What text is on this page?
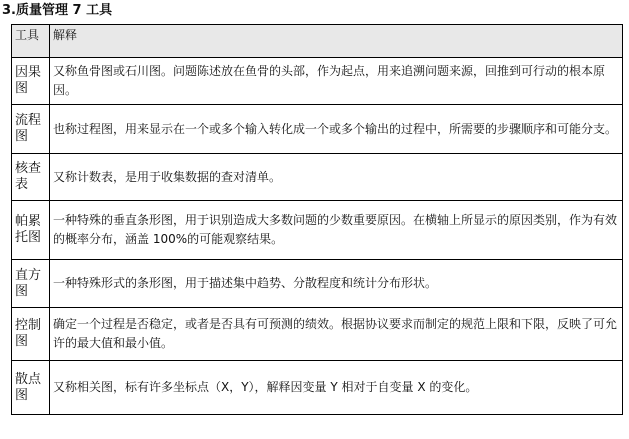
3.质量管理 7 工具
工具	解释
因果图	又称鱼骨图或石川图。问题陈述放在鱼骨的头部，作为起点，用来追溯问题来源，回推到可行动的根本原因。
流程图	也称过程图，用来显示在一个或多个输入转化成一个或多个输出的过程中，所需要的步骤顺序和可能分支。
核查表	又称计数表，是用于收集数据的查对清单。
帕累托图	一种特殊的垂直条形图，用于识别造成大多数问题的少数重要原因。在横轴上所显示的原因类别，作为有效的概率分布，涵盖 100%的可能观察结果。
直方图	一种特殊形式的条形图，用于描述集中趋势、分散程度和统计分布形状。
控制图	确定一个过程是否稳定，或者是否具有可预测的绩效。根据协议要求而制定的规范上限和下限，反映了可允许的最大值和最小值。
散点图	又称相关图，标有许多坐标点（X，Y），解释因变量 Y 相对于自变量 X 的变化。
